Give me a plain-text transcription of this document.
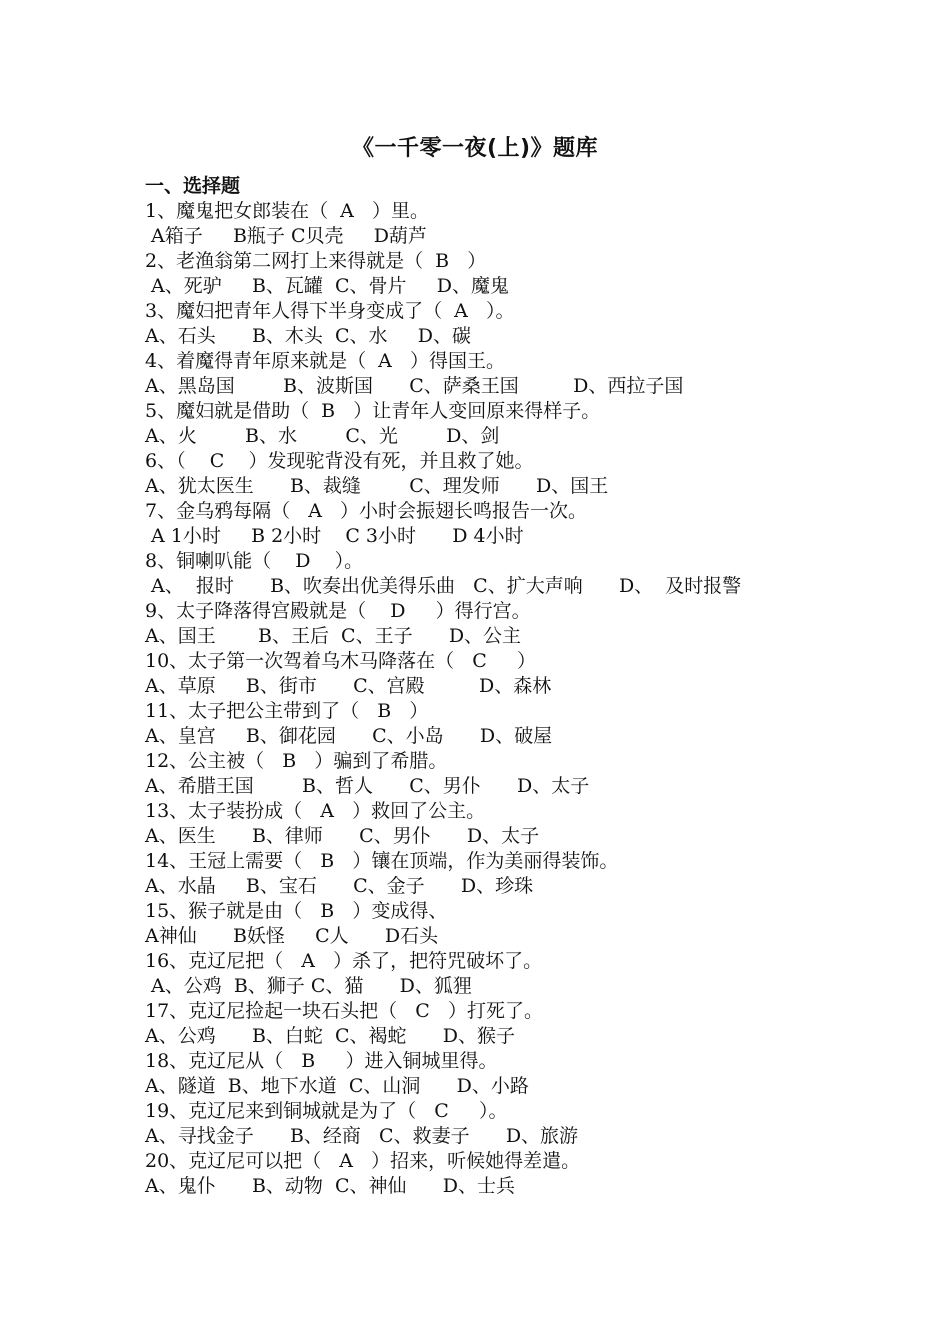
《一千零一夜(上)》题库
一、选择题
1、魔鬼把女郎装在（  A   ）里。
A箱子     B瓶子 C贝壳     D葫芦
2、老渔翁第二网打上来得就是（  B   ）
A、死驴     B、瓦罐  C、骨片     D、魔鬼
3、魔妇把青年人得下半身变成了（  A   ）。
A、石头      B、木头  C、水     D、碳
4、着魔得青年原来就是（  A   ）得国王。
A、黑岛国        B、波斯国      C、萨桑王国         D、西拉子国
5、魔妇就是借助（  B   ）让青年人变回原来得样子。
A、火        B、水        C、光        D、剑
6、（    C    ）发现驼背没有死，并且救了她。
A、犹太医生      B、裁缝        C、理发师      D、国王
7、金乌鸦每隔（   A   ）小时会振翅长鸣报告一次。
A 1小时     B 2小时    C 3小时      D 4小时
8、铜喇叭能（    D    ）。
A、  报时      B、吹奏出优美得乐曲   C、扩大声响      D、  及时报警
9、太子降落得宫殿就是（    D     ）得行宫。
A、国王       B、王后  C、王子      D、公主
10、太子第一次驾着乌木马降落在（   C     ）
A、草原     B、街市      C、宫殿         D、森林
11、太子把公主带到了（   B   ）
A、皇宫     B、御花园      C、小岛      D、破屋
12、公主被（   B   ）骗到了希腊。
A、希腊王国        B、哲人      C、男仆      D、太子
13、太子装扮成（   A   ）救回了公主。
A、医生      B、律师      C、男仆      D、太子
14、王冠上需要（   B   ）镶在顶端，作为美丽得装饰。
A、水晶     B、宝石      C、金子      D、珍珠
15、猴子就是由（   B   ）变成得、
A神仙      B妖怪     C人      D石头
16、克辽尼把（   A   ）杀了，把符咒破坏了。
A、公鸡  B、狮子 C、猫      D、狐狸
17、克辽尼捡起一块石头把（   C   ）打死了。
A、公鸡      B、白蛇  C、褐蛇      D、猴子
18、克辽尼从（   B     ）进入铜城里得。
A、隧道  B、地下水道  C、山洞      D、小路
19、克辽尼来到铜城就是为了（   C     ）。
A、寻找金子      B、经商   C、救妻子      D、旅游
20、克辽尼可以把（   A   ）招来，听候她得差遣。
A、鬼仆      B、动物  C、神仙      D、士兵
